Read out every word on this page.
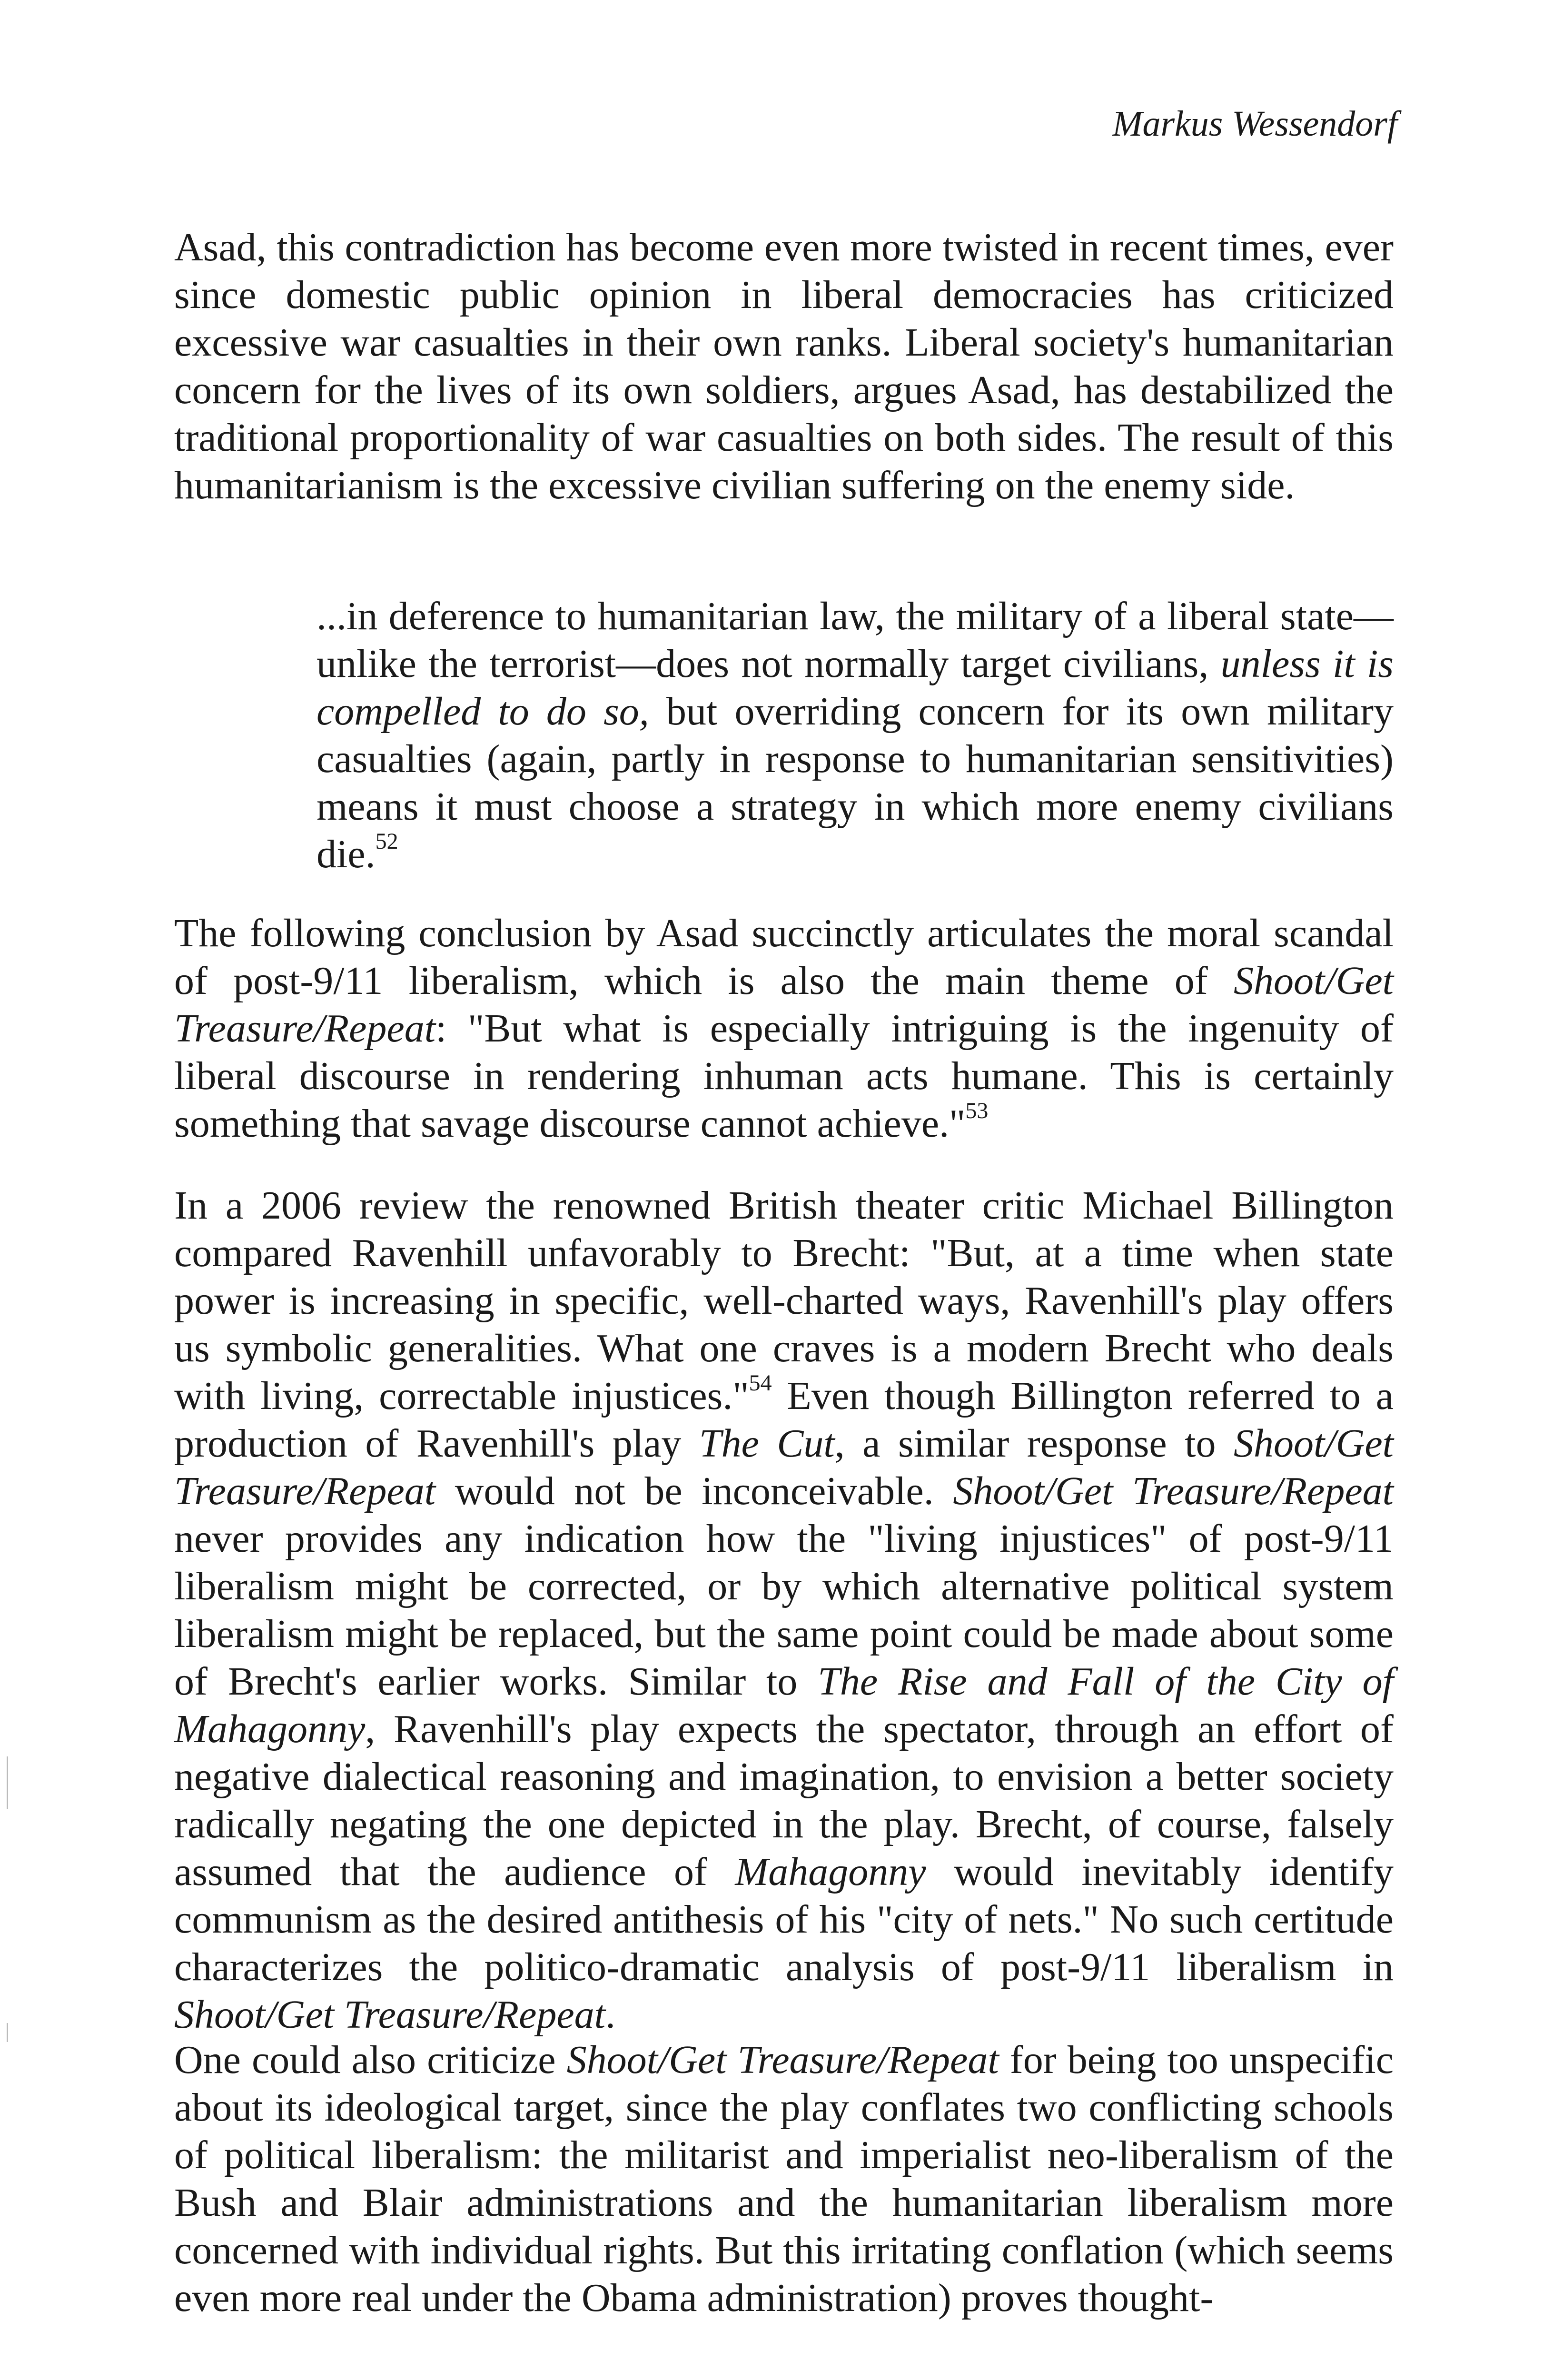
Markus Wessendorf

Asad, this contradiction has become even more twisted in recent times, ever since domestic public opinion in liberal democracies has criticized excessive war casualties in their own ranks. Liberal society's humanitarian concern for the lives of its own soldiers, argues Asad, has destabilized the traditional proportionality of war casualties on both sides. The result of this humanitarianism is the excessive civilian suffering on the enemy side.

...in deference to humanitarian law, the military of a liberal state—unlike the terrorist—does not normally target civilians, unless it is compelled to do so, but overriding concern for its own military casualties (again, partly in response to humanitarian sensitivities) means it must choose a strategy in which more enemy civilians die.$^{52}$

The following conclusion by Asad succinctly articulates the moral scandal of post-9/11 liberalism, which is also the main theme of Shoot/Get Treasure/Repeat: "But what is especially intriguing is the ingenuity of liberal discourse in rendering inhuman acts humane. This is certainly something that savage discourse cannot achieve."$^{53}$

In a 2006 review the renowned British theater critic Michael Billington compared Ravenhill unfavorably to Brecht: "But, at a time when state power is increasing in specific, well-charted ways, Ravenhill's play offers us symbolic generalities. What one craves is a modern Brecht who deals with living, correctable injustices."$^{54}$ Even though Billington referred to a production of Ravenhill's play The Cut, a similar response to Shoot/Get Treasure/Repeat would not be inconceivable. Shoot/Get Treasure/Repeat never provides any indication how the "living injustices" of post-9/11 liberalism might be corrected, or by which alternative political system liberalism might be replaced, but the same point could be made about some of Brecht's earlier works. Similar to The Rise and Fall of the City of Mahagonny, Ravenhill's play expects the spectator, through an effort of negative dialectical reasoning and imagination, to envision a better society radically negating the one depicted in the play. Brecht, of course, falsely assumed that the audience of Mahagonny would inevitably identify communism as the desired antithesis of his "city of nets." No such certitude characterizes the politico-dramatic analysis of post-9/11 liberalism in Shoot/Get Treasure/Repeat.

One could also criticize Shoot/Get Treasure/Repeat for being too unspecific about its ideological target, since the play conflates two conflicting schools of political liberalism: the militarist and imperialist neo-liberalism of the Bush and Blair administrations and the humanitarian liberalism more concerned with individual rights. But this irritating conflation (which seems even more real under the Obama administration) proves thought-
